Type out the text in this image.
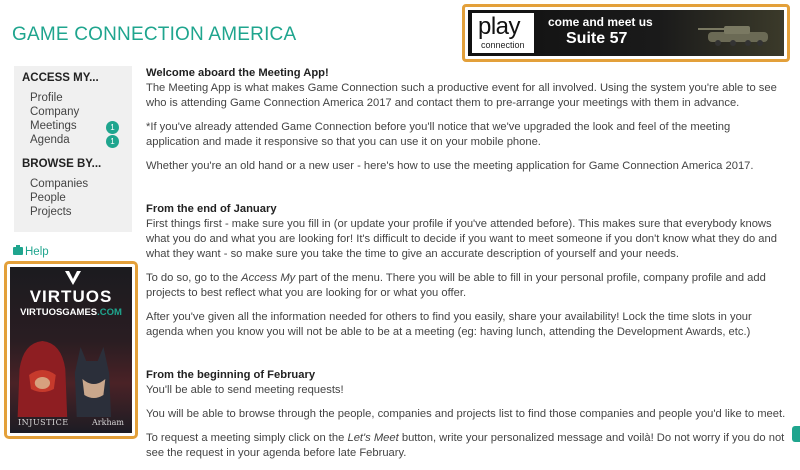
GAME CONNECTION AMERICA	play
connection
come and meet us
Suite 57
ACCESS MY...
Profile
Company
Meetings	1
Agenda	1
BROWSE BY...
Companies
People
Projects
Help
VIRTUOS
VIRTUOSGAMES.COM
INJUSTICE	Arkham
Welcome aboard the Meeting App!

The Meeting App is what makes Game Connection such a productive event for all involved. Using the system you're able to see who is attending Game Connection America 2017 and contact them to pre-arrange your meetings with them in advance.

*If you've already attended Game Connection before you'll notice that we've upgraded the look and feel of the meeting application and made it responsive so that you can use it on your mobile phone.

Whether you're an old hand or a new user - here's how to use the meeting application for Game Connection America 2017.

From the end of January

First things first - make sure you fill in (or update your profile if you've attended before). This makes sure that everybody knows what you do and what you are looking for! It's difficult to decide if you want to meet someone if you don't know what they do and what they want - so make sure you take the time to give an accurate description of yourself and your needs.

To do so, go to the Access My part of the menu. There you will be able to fill in your personal profile, company profile and add projects to best reflect what you are looking for or what you offer.

After you've given all the information needed for others to find you easily, share your availability! Lock the time slots in your agenda when you know you will not be able to be at a meeting (eg: having lunch, attending the Development Awards, etc.)

From the beginning of February

You'll be able to send meeting requests!

You will be able to browse through the people, companies and projects list to find those companies and people you'd like to meet.

To request a meeting simply click on the Let's Meet button, write your personalized message and voilà! Do not worry if you do not see the request in your agenda before late February.
